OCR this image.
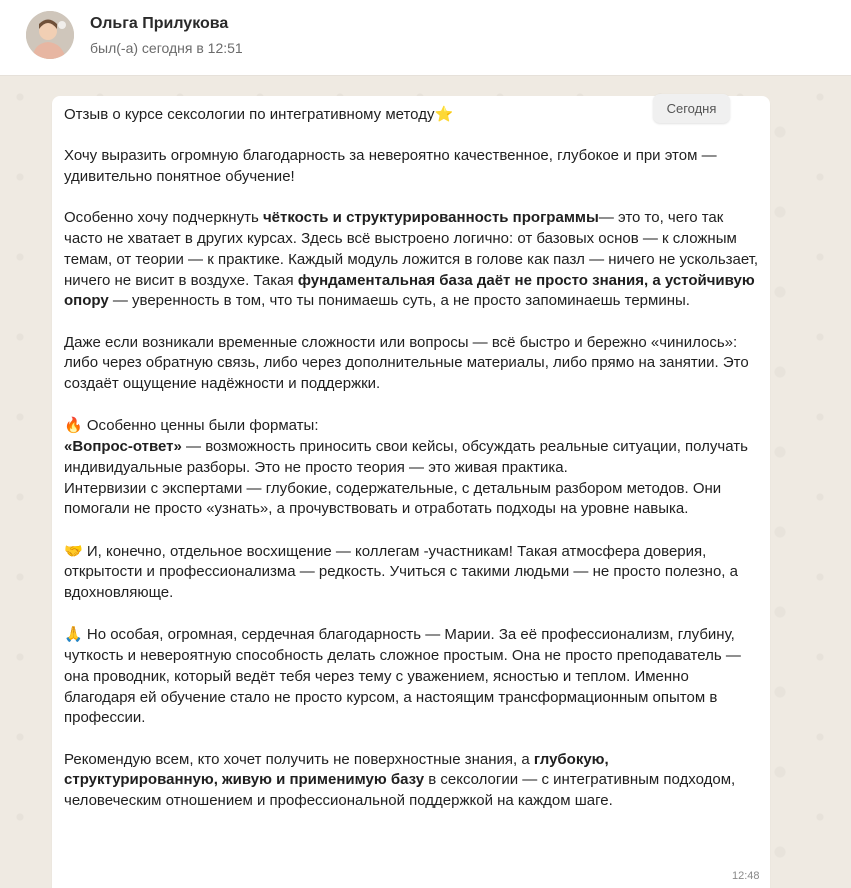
Ольга Прилукова
был(-а) сегодня в 12:51
Сегодня

Отзыв о курсе сексологии по интегративному методу⭐

Хочу выразить огромную благодарность за невероятно качественное, глубокое и при этом — удивительно понятное обучение!

Особенно хочу подчеркнуть чёткость и структурированность программы— это то, чего так часто не хватает в других курсах. Здесь всё выстроено логично: от базовых основ — к сложным темам, от теории — к практике. Каждый модуль ложится в голове как пазл — ничего не ускользает, ничего не висит в воздухе. Такая фундаментальная база даёт не просто знания, а устойчивую опору — уверенность в том, что ты понимаешь суть, а не просто запоминаешь термины.

Даже если возникали временные сложности или вопросы — всё быстро и бережно «чинилось»: либо через обратную связь, либо через дополнительные материалы, либо прямо на занятии. Это создаёт ощущение надёжности и поддержки.

🔥 Особенно ценны были форматы:
«Вопрос-ответ» — возможность приносить свои кейсы, обсуждать реальные ситуации, получать индивидуальные разборы. Это не просто теория — это живая практика.
Интервизии с экспертами — глубокие, содержательные, с детальным разбором методов. Они помогали не просто «узнать», а прочувствовать и отработать подходы на уровне навыка.

🤝 И, конечно, отдельное восхищение — коллегам -участникам! Такая атмосфера доверия, открытости и профессионализма — редкость. Учиться с такими людьми — не просто полезно, а вдохновляюще.

🙏 Но особая, огромная, сердечная благодарность — Марии. За её профессионализм, глубину, чуткость и невероятную способность делать сложное простым. Она не просто преподаватель — она проводник, который ведёт тебя через тему с уважением, ясностью и теплом. Именно благодаря ей обучение стало не просто курсом, а настоящим трансформационным опытом в профессии.

Рекомендую всем, кто хочет получить не поверхностные знания, а глубокую, структурированную, живую и применимую базу в сексологии — с интегративным подходом, человеческим отношением и профессиональной поддержкой на каждом шаге.

12:48
